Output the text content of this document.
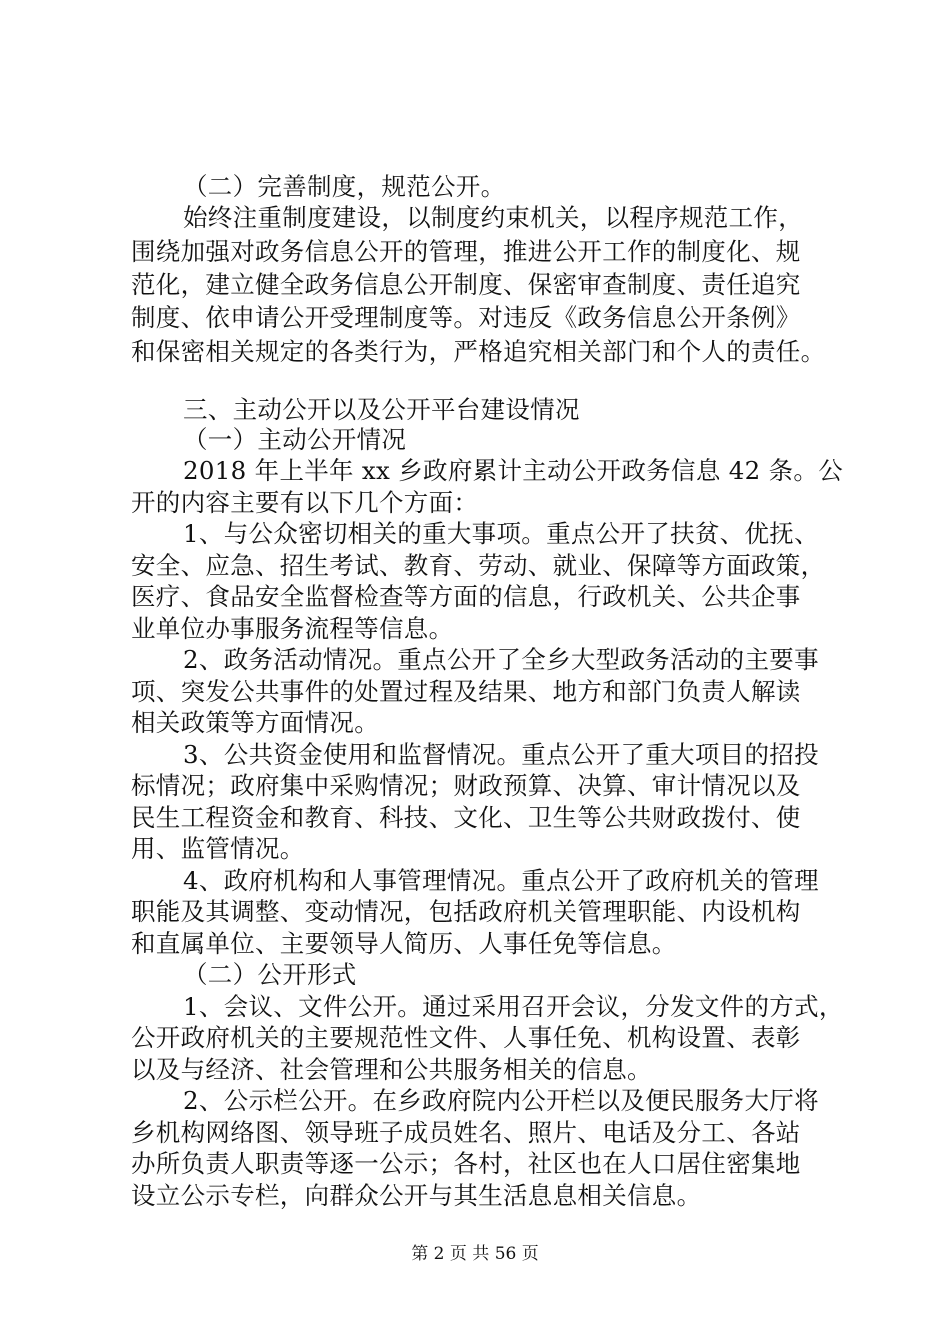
（二）完善制度，规范公开。
始终注重制度建设，以制度约束机关，以程序规范工作，
围绕加强对政务信息公开的管理，推进公开工作的制度化、规
范化，建立健全政务信息公开制度、保密审查制度、责任追究
制度、依申请公开受理制度等。对违反《政务信息公开条例》
和保密相关规定的各类行为，严格追究相关部门和个人的责任。
三、主动公开以及公开平台建设情况
（一）主动公开情况
2018 年上半年 xx 乡政府累计主动公开政务信息 42 条。公
开的内容主要有以下几个方面：
1、与公众密切相关的重大事项。重点公开了扶贫、优抚、
安全、应急、招生考试、教育、劳动、就业、保障等方面政策，
医疗、食品安全监督检查等方面的信息，行政机关、公共企事
业单位办事服务流程等信息。
2、政务活动情况。重点公开了全乡大型政务活动的主要事
项、突发公共事件的处置过程及结果、地方和部门负责人解读
相关政策等方面情况。
3、公共资金使用和监督情况。重点公开了重大项目的招投
标情况；政府集中采购情况；财政预算、决算、审计情况以及
民生工程资金和教育、科技、文化、卫生等公共财政拨付、使
用、监管情况。
4、政府机构和人事管理情况。重点公开了政府机关的管理
职能及其调整、变动情况，包括政府机关管理职能、内设机构
和直属单位、主要领导人简历、人事任免等信息。
（二）公开形式
1、会议、文件公开。通过采用召开会议，分发文件的方式，
公开政府机关的主要规范性文件、人事任免、机构设置、表彰
以及与经济、社会管理和公共服务相关的信息。
2、公示栏公开。在乡政府院内公开栏以及便民服务大厅将
乡机构网络图、领导班子成员姓名、照片、电话及分工、各站
办所负责人职责等逐一公示；各村，社区也在人口居住密集地
设立公示专栏，向群众公开与其生活息息相关信息。
第 2 页 共 56 页
